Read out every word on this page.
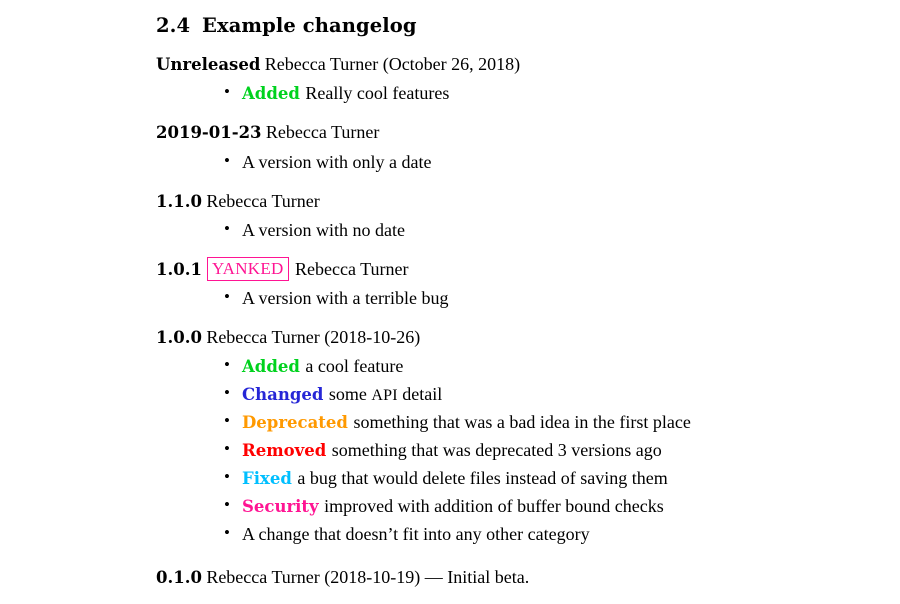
2.4 Example changelog
Unreleased Rebecca Turner (October 26, 2018)
• Added Really cool features
2019-01-23 Rebecca Turner
• A version with only a date
1.1.0 Rebecca Turner
• A version with no date
1.0.1 YANKED Rebecca Turner
• A version with a terrible bug
1.0.0 Rebecca Turner (2018-10-26)
• Added a cool feature
• Changed some API detail
• Deprecated something that was a bad idea in the first place
• Removed something that was deprecated 3 versions ago
• Fixed a bug that would delete files instead of saving them
• Security improved with addition of buffer bound checks
• A change that doesn’t fit into any other category
0.1.0 Rebecca Turner (2018-10-19) — Initial beta.
